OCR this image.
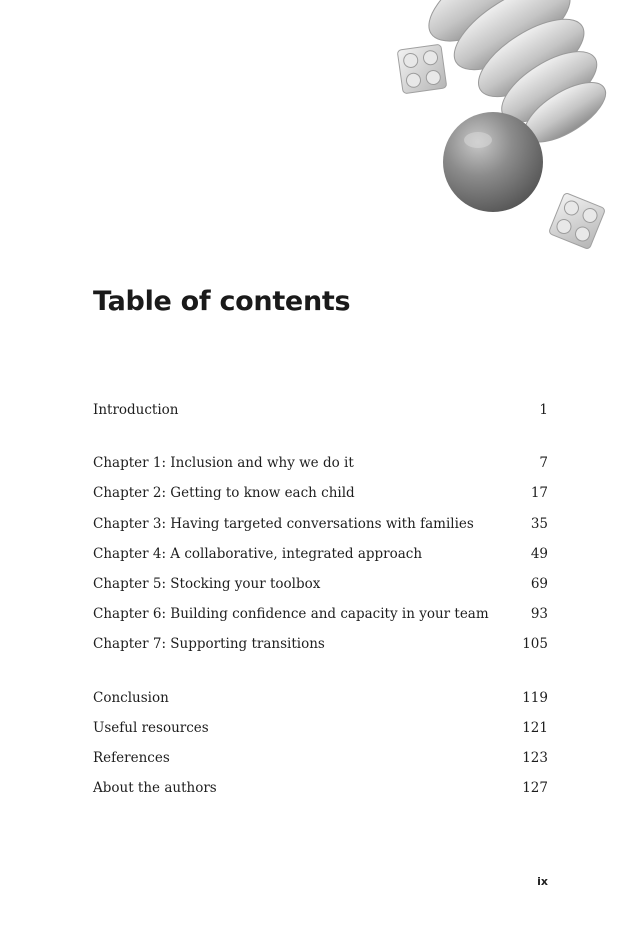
Table of contents
Introduction	1
Chapter 1: Inclusion and why we do it	7
Chapter 2: Getting to know each child	17
Chapter 3: Having targeted conversations with families	35
Chapter 4: A collaborative, integrated approach	49
Chapter 5: Stocking your toolbox	69
Chapter 6: Building confidence and capacity in your team	93
Chapter 7: Supporting transitions	105
Conclusion	119
Useful resources	121
References	123
About the authors	127
ix
